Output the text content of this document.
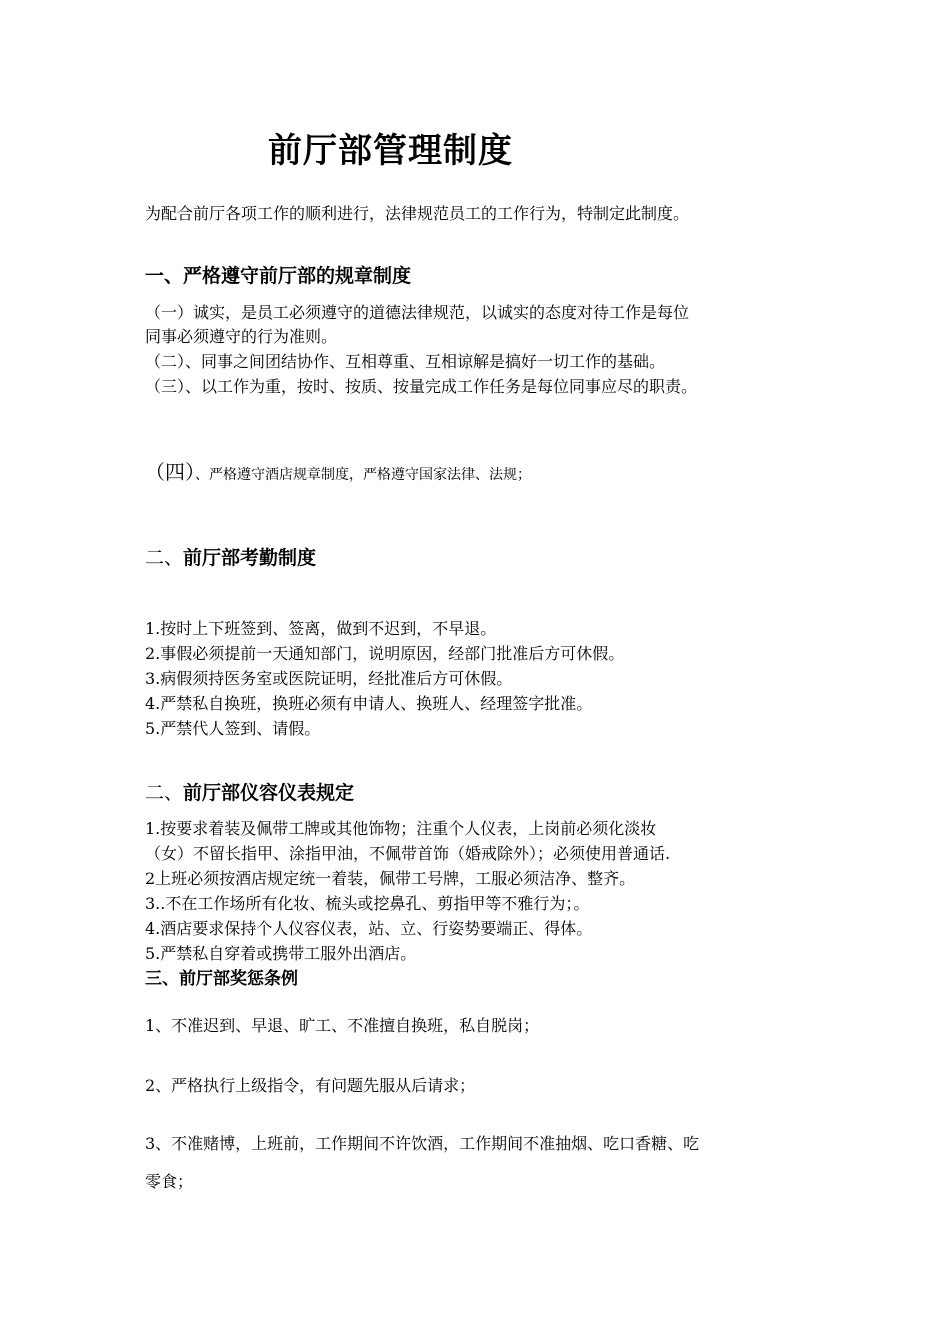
前厅部管理制度
为配合前厅各项工作的顺利进行，法律规范员工的工作行为，特制定此制度。
一、严格遵守前厅部的规章制度
（一）诚实，是员工必须遵守的道德法律规范，以诚实的态度对待工作是每位
同事必须遵守的行为准则。
（二）、同事之间团结协作、互相尊重、互相谅解是搞好一切工作的基础。
（三）、以工作为重，按时、按质、按量完成工作任务是每位同事应尽的职责。
（四）、严格遵守酒店规章制度，严格遵守国家法律、法规；
二、前厅部考勤制度
1.按时上下班签到、签离，做到不迟到，不早退。
2.事假必须提前一天通知部门，说明原因，经部门批准后方可休假。
3.病假须持医务室或医院证明，经批准后方可休假。
4.严禁私自换班，换班必须有申请人、换班人、经理签字批准。
5.严禁代人签到、请假。
二、前厅部仪容仪表规定
1.按要求着装及佩带工牌或其他饰物；注重个人仪表，上岗前必须化淡妆
（女）不留长指甲、涂指甲油，不佩带首饰（婚戒除外）；必须使用普通话.
2上班必须按酒店规定统一着装，佩带工号牌，工服必须洁净、整齐。
3..不在工作场所有化妆、梳头或挖鼻孔、剪指甲等不雅行为；。
4.酒店要求保持个人仪容仪表，站、立、行姿势要端正、得体。
5.严禁私自穿着或携带工服外出酒店。
三、前厅部奖惩条例
1、不准迟到、早退、旷工、不准擅自换班，私自脱岗；
2、严格执行上级指令，有问题先服从后请求；
3、不准赌博，上班前，工作期间不许饮酒，工作期间不准抽烟、吃口香糖、吃
零食；
